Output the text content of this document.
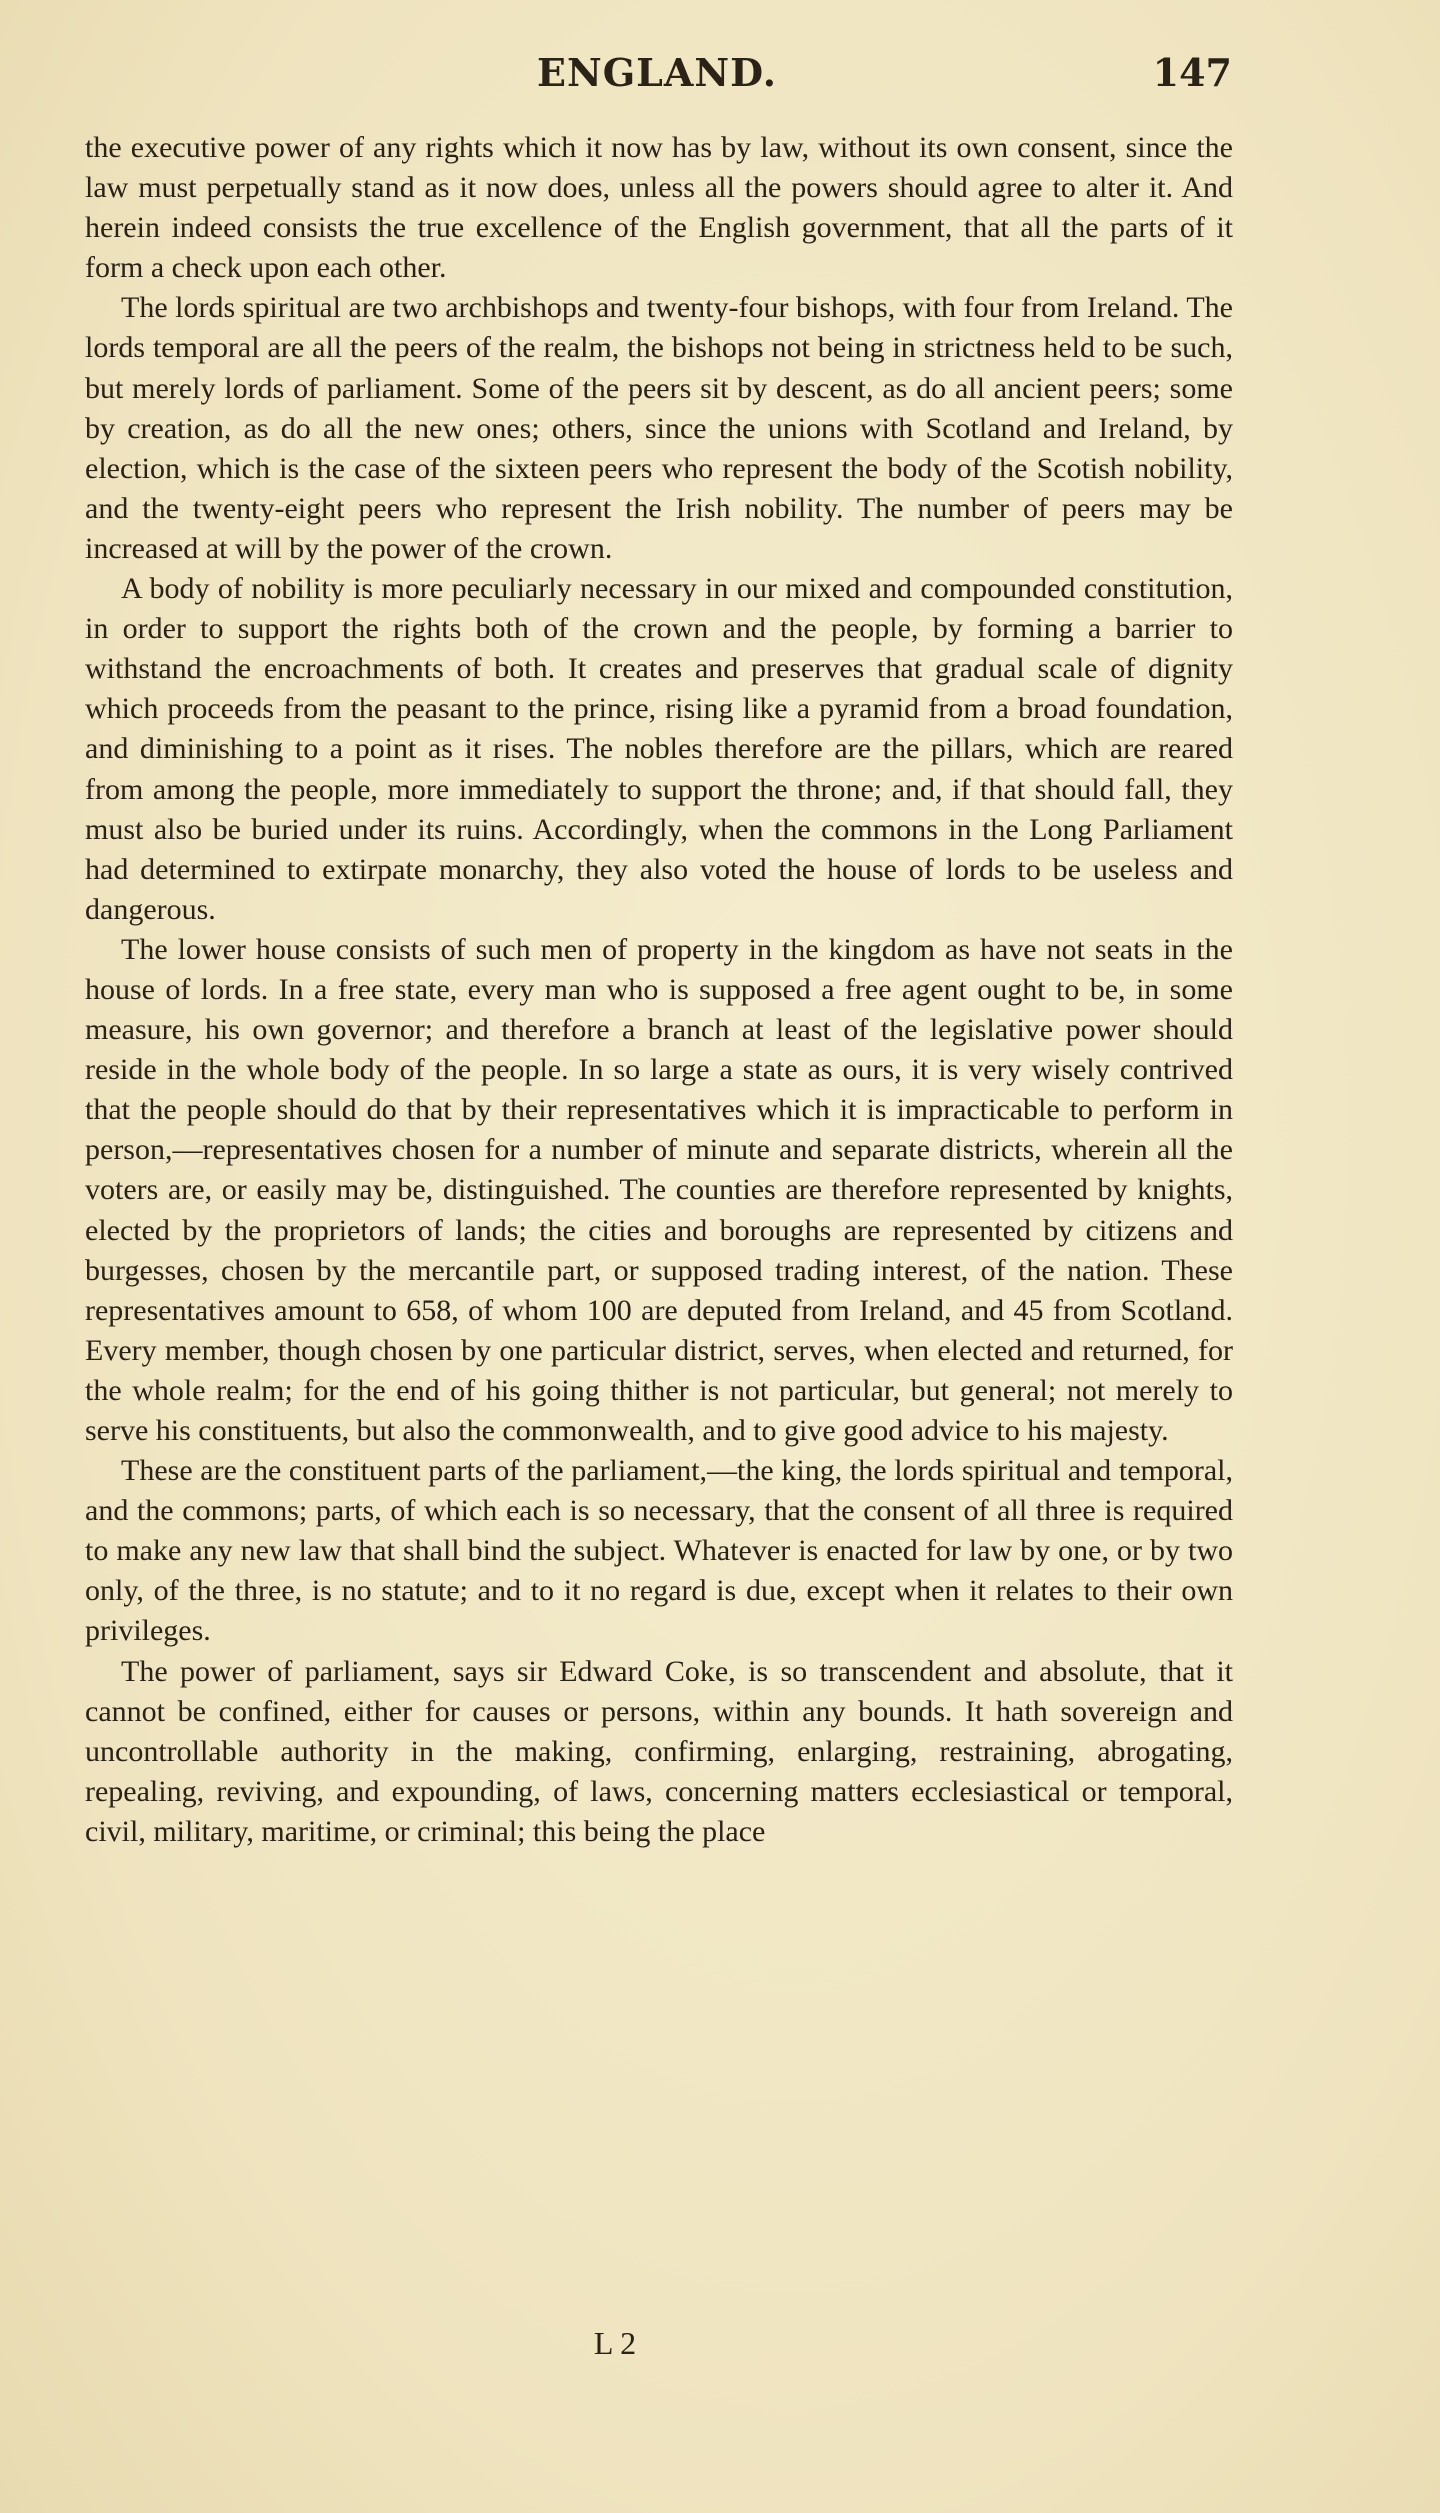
ENGLAND.	147

the executive power of any rights which it now has by law, without its own consent, since the law must perpetually stand as it now does, unless all the powers should agree to alter it. And herein indeed consists the true excellence of the English government, that all the parts of it form a check upon each other.

The lords spiritual are two archbishops and twenty-four bishops, with four from Ireland. The lords temporal are all the peers of the realm, the bishops not being in strictness held to be such, but merely lords of parliament. Some of the peers sit by descent, as do all ancient peers; some by creation, as do all the new ones; others, since the unions with Scotland and Ireland, by election, which is the case of the sixteen peers who represent the body of the Scotish nobility, and the twenty-eight peers who represent the Irish nobility. The number of peers may be increased at will by the power of the crown.

A body of nobility is more peculiarly necessary in our mixed and compounded constitution, in order to support the rights both of the crown and the people, by forming a barrier to withstand the encroachments of both. It creates and preserves that gradual scale of dignity which proceeds from the peasant to the prince, rising like a pyramid from a broad foundation, and diminishing to a point as it rises. The nobles therefore are the pillars, which are reared from among the people, more immediately to support the throne; and, if that should fall, they must also be buried under its ruins. Accordingly, when the commons in the Long Parliament had determined to extirpate monarchy, they also voted the house of lords to be useless and dangerous.

The lower house consists of such men of property in the kingdom as have not seats in the house of lords. In a free state, every man who is supposed a free agent ought to be, in some measure, his own governor; and therefore a branch at least of the legislative power should reside in the whole body of the people. In so large a state as ours, it is very wisely contrived that the people should do that by their representatives which it is impracticable to perform in person,—representatives chosen for a number of minute and separate districts, wherein all the voters are, or easily may be, distinguished. The counties are therefore represented by knights, elected by the proprietors of lands; the cities and boroughs are represented by citizens and burgesses, chosen by the mercantile part, or supposed trading interest, of the nation. These representatives amount to 658, of whom 100 are deputed from Ireland, and 45 from Scotland. Every member, though chosen by one particular district, serves, when elected and returned, for the whole realm; for the end of his going thither is not particular, but general; not merely to serve his constituents, but also the commonwealth, and to give good advice to his majesty.

These are the constituent parts of the parliament,—the king, the lords spiritual and temporal, and the commons; parts, of which each is so necessary, that the consent of all three is required to make any new law that shall bind the subject. Whatever is enacted for law by one, or by two only, of the three, is no statute; and to it no regard is due, except when it relates to their own privileges.

The power of parliament, says sir Edward Coke, is so transcendent and absolute, that it cannot be confined, either for causes or persons, within any bounds. It hath sovereign and uncontrollable authority in the making, confirming, enlarging, restraining, abrogating, repealing, reviving, and expounding, of laws, concerning matters ecclesiastical or temporal, civil, military, maritime, or criminal; this being the place

L 2
